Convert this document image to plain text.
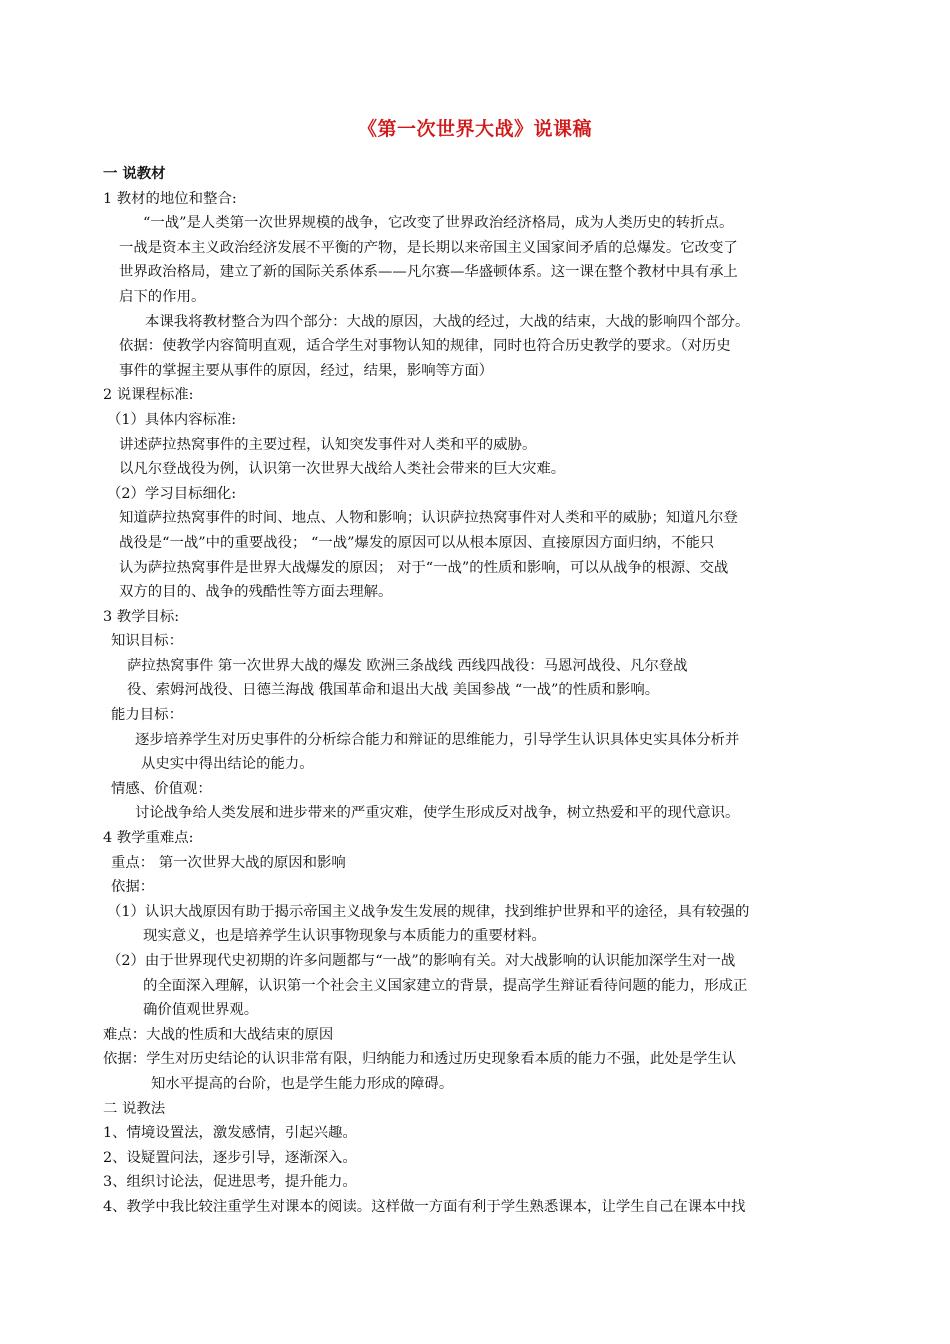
《第一次世界大战》说课稿
一 说教材
1 教材的地位和整合:
“一战”是人类第一次世界规模的战争，它改变了世界政治经济格局，成为人类历史的转折点。
一战是资本主义政治经济发展不平衡的产物，是长期以来帝国主义国家间矛盾的总爆发。它改变了
世界政治格局，建立了新的国际关系体系——凡尔赛—华盛顿体系。这一课在整个教材中具有承上
启下的作用。
本课我将教材整合为四个部分：大战的原因，大战的经过，大战的结束，大战的影响四个部分。
依据：使教学内容简明直观，适合学生对事物认知的规律，同时也符合历史教学的要求。（对历史
事件的掌握主要从事件的原因，经过，结果，影响等方面）
2 说课程标准:
（1）具体内容标准:
讲述萨拉热窝事件的主要过程，认知突发事件对人类和平的威胁。
以凡尔登战役为例，认识第一次世界大战给人类社会带来的巨大灾难。
（2）学习目标细化:
知道萨拉热窝事件的时间、地点、人物和影响；认识萨拉热窝事件对人类和平的威胁；知道凡尔登
战役是“一战”中的重要战役； “一战”爆发的原因可以从根本原因、直接原因方面归纳，不能只
认为萨拉热窝事件是世界大战爆发的原因； 对于“一战”的性质和影响，可以从战争的根源、交战
双方的目的、战争的残酷性等方面去理解。
3 教学目标:
知识目标：
萨拉热窝事件 第一次世界大战的爆发 欧洲三条战线 西线四战役：马恩河战役、凡尔登战
役、索姆河战役、日德兰海战 俄国革命和退出大战 美国参战 “一战”的性质和影响。
能力目标：
逐步培养学生对历史事件的分析综合能力和辩证的思维能力，引导学生认识具体史实具体分析并
从史实中得出结论的能力。
情感、价值观：
讨论战争给人类发展和进步带来的严重灾难，使学生形成反对战争，树立热爱和平的现代意识。
4 教学重难点:
重点： 第一次世界大战的原因和影响
依据：
（1）认识大战原因有助于揭示帝国主义战争发生发展的规律，找到维护世界和平的途径，具有较强的
现实意义，也是培养学生认识事物现象与本质能力的重要材料。
（2）由于世界现代史初期的许多问题都与“一战”的影响有关。对大战影响的认识能加深学生对一战
的全面深入理解，认识第一个社会主义国家建立的背景，提高学生辩证看待问题的能力，形成正
确价值观世界观。
难点：大战的性质和大战结束的原因
依据：学生对历史结论的认识非常有限，归纳能力和透过历史现象看本质的能力不强，此处是学生认
知水平提高的台阶，也是学生能力形成的障碍。
二 说教法
1、情境设置法，激发感情，引起兴趣。
2、设疑置问法，逐步引导，逐渐深入。
3、组织讨论法，促进思考，提升能力。
4、教学中我比较注重学生对课本的阅读。这样做一方面有利于学生熟悉课本，让学生自己在课本中找
